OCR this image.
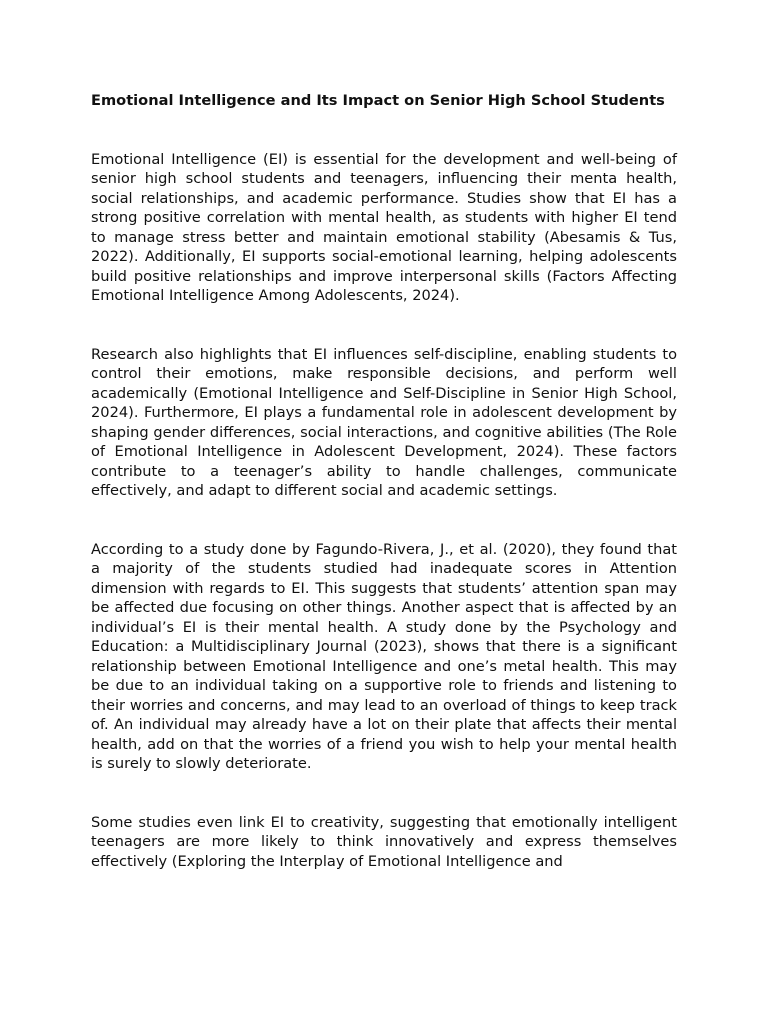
Emotional Intelligence and Its Impact on Senior High School Students

Emotional Intelligence (EI) is essential for the development and well-being of senior high school students and teenagers, influencing their menta health, social relationships, and academic performance. Studies show that EI has a strong positive correlation with mental health, as students with higher EI tend to manage stress better and maintain emotional stability (Abesamis & Tus, 2022). Additionally, EI supports social-emotional learning, helping adolescents build positive relationships and improve interpersonal skills (Factors Affecting Emotional Intelligence Among Adolescents, 2024).

Research also highlights that EI influences self-discipline, enabling students to control their emotions, make responsible decisions, and perform well academically (Emotional Intelligence and Self-Discipline in Senior High School, 2024). Furthermore, EI plays a fundamental role in adolescent development by shaping gender differences, social interactions, and cognitive abilities (The Role of Emotional Intelligence in Adolescent Development, 2024). These factors contribute to a teenager’s ability to handle challenges, communicate effectively, and adapt to different social and academic settings.

According to a study done by Fagundo-Rivera, J., et al. (2020), they found that a majority of the students studied had inadequate scores in Attention dimension with regards to EI. This suggests that students’ attention span may be affected due focusing on other things. Another aspect that is affected by an individual’s EI is their mental health. A study done by the Psychology and Education: a Multidisciplinary Journal (2023), shows that there is a significant relationship between Emotional Intelligence and one’s metal health. This may be due to an individual taking on a supportive role to friends and listening to their worries and concerns, and may lead to an overload of things to keep track of. An individual may already have a lot on their plate that affects their mental health, add on that the worries of a friend you wish to help your mental health is surely to slowly deteriorate.

Some studies even link EI to creativity, suggesting that emotionally intelligent teenagers are more likely to think innovatively and express themselves effectively (Exploring the Interplay of Emotional Intelligence and
